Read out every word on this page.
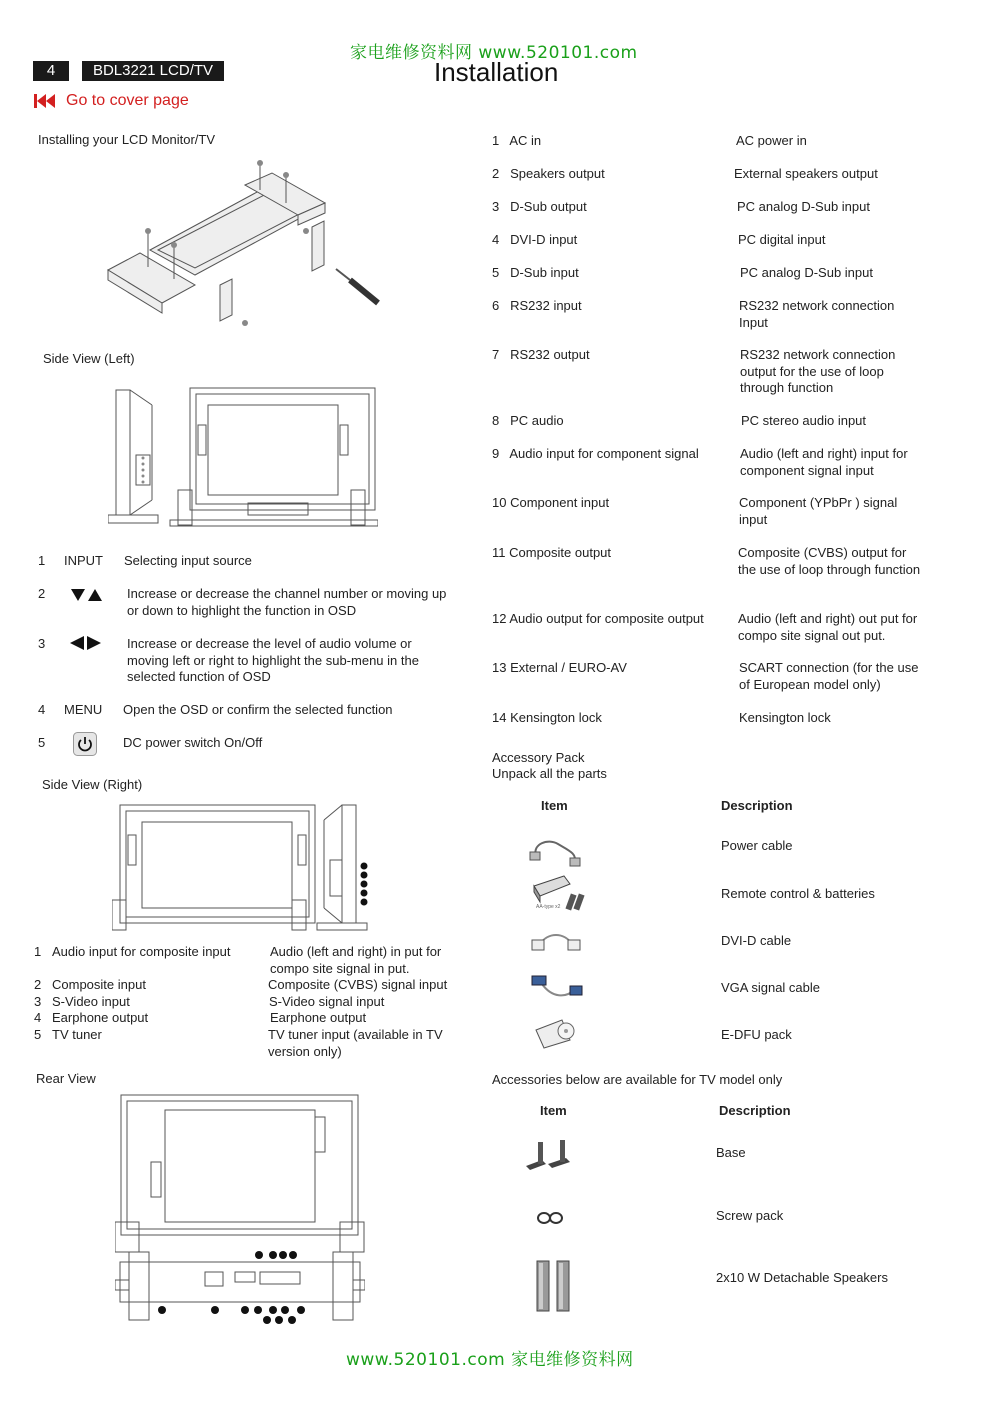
家电维修资料网 www.520101.com
4	BDL3221 LCD/TV	Installation
Go to cover page
Installing your LCD Monitor/TV
Side View (Left)
1 INPUT Selecting input source
2	Increase or decrease the channel number or moving up or down to highlight the function in OSD
3	Increase or decrease the level of audio volume or moving left or right to highlight the sub-menu in the selected function of OSD
4 MENU Open the OSD or confirm the selected function
5	DC power switch On/Off
Side View (Right)
1 Audio input for composite input	Audio (left and right) in put for compo site signal in put.
2 Composite input	Composite (CVBS) signal input
3 S-Video input	S-Video signal input
4 Earphone output	Earphone output
5 TV tuner	TV tuner input (available in TV version only)
Rear View
1 AC in	AC power in
2 Speakers output	External speakers output
3 D-Sub output	PC analog D-Sub input
4 DVI-D input	PC digital input
5 D-Sub input	PC analog D-Sub input
6 RS232 input	RS232 network connection Input
7 RS232 output	RS232 network connection output for the use of loop through function
8 PC audio	PC stereo audio input
9 Audio input for component signal	Audio (left and right) input for component signal input
10 Component input	Component (YPbPr ) signal input
11 Composite output	Composite (CVBS) output for the use of loop through function
12 Audio output for composite output	Audio (left and right) out put for compo site signal out put.
13 External / EURO-AV	SCART connection (for the use of European model only)
14 Kensington lock	Kensington lock
Accessory Pack
Unpack all the parts
Item	Description
Power cable
AA-type x2
Remote control & batteries
DVI-D cable
VGA signal cable
E-DFU pack
Accessories below are available for TV model only
Item	Description
Base
Screw pack
2x10 W Detachable Speakers
www.520101.com 家电维修资料网
